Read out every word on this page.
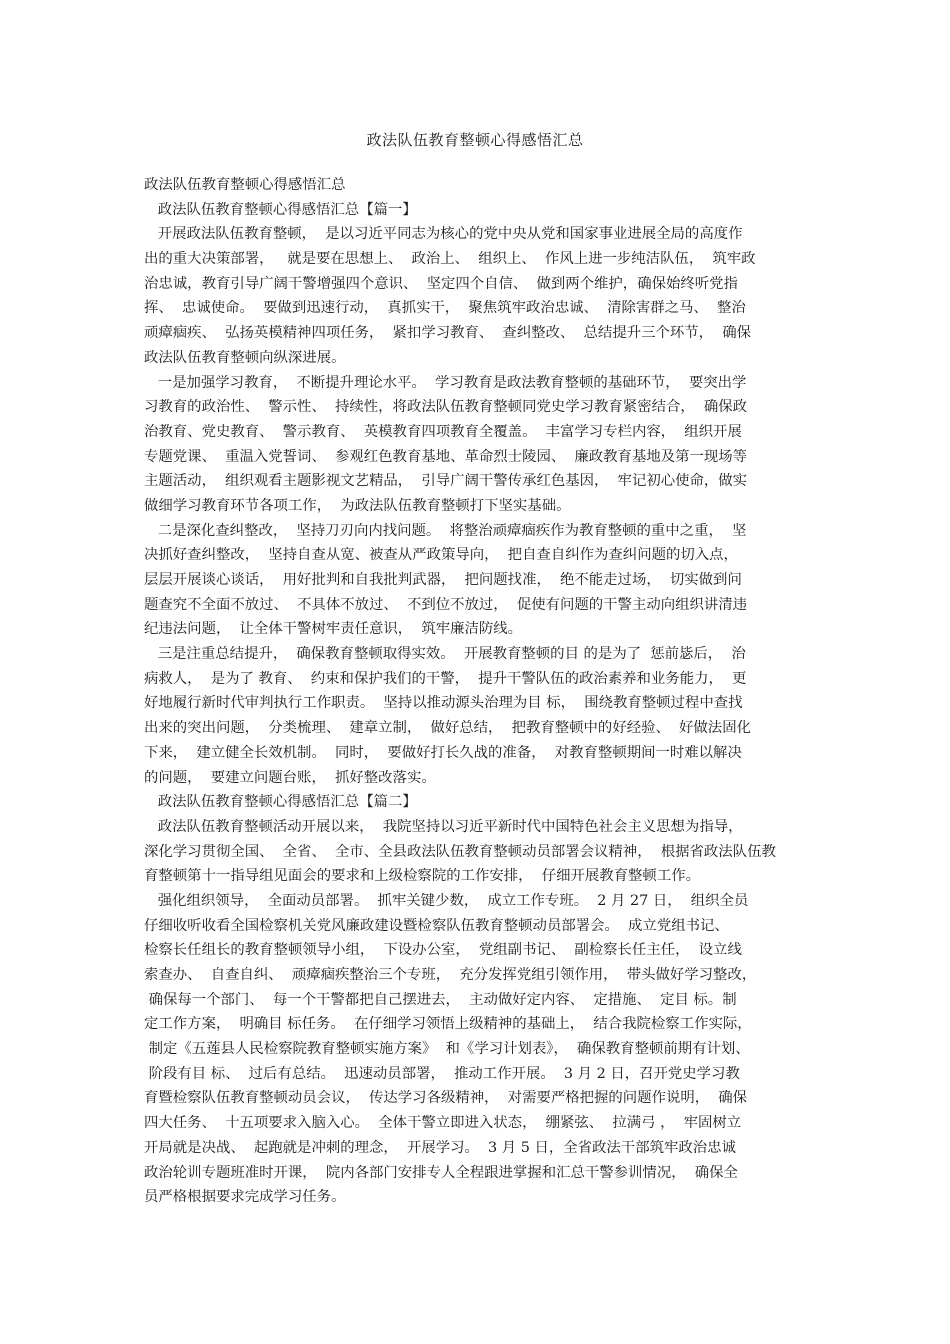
政法队伍教育整顿心得感悟汇总
政法队伍教育整顿心得感悟汇总
政法队伍教育整顿心得感悟汇总【篇一】
开展政法队伍教育整顿，  是以习近平同志为核心的党中央从党和国家事业进展全局的高度作
出的重大决策部署，   就是要在思想上、  政治上、  组织上、  作风上进一步纯洁队伍，  筑牢政
治忠诚，教育引导广阔干警增强四个意识、  坚定四个自信、  做到两个维护，确保始终听党指
挥、  忠诚使命。  要做到迅速行动，  真抓实干，  聚焦筑牢政治忠诚、  清除害群之马、  整治
顽瘴痼疾、  弘扬英模精神四项任务，  紧扣学习教育、  查纠整改、  总结提升三个环节，  确保
政法队伍教育整顿向纵深进展。
一是加强学习教育，  不断提升理论水平。  学习教育是政法教育整顿的基础环节，  要突出学
习教育的政治性、  警示性、  持续性，将政法队伍教育整顿同党史学习教育紧密结合，  确保政
治教育、党史教育、  警示教育、  英模教育四项教育全覆盖。  丰富学习专栏内容，  组织开展
专题党课、  重温入党誓词、  参观红色教育基地、革命烈士陵园、  廉政教育基地及第一现场等
主题活动，  组织观看主题影视文艺精品，  引导广阔干警传承红色基因，  牢记初心使命，做实
做细学习教育环节各项工作，  为政法队伍教育整顿打下坚实基础。
二是深化查纠整改，  坚持刀刃向内找问题。  将整治顽瘴痼疾作为教育整顿的重中之重，  坚
决抓好查纠整改，  坚持自查从宽、被查从严政策导向，  把自查自纠作为查纠问题的切入点，
层层开展谈心谈话，  用好批判和自我批判武器，  把问题找准，  绝不能走过场，  切实做到问
题查究不全面不放过、  不具体不放过、  不到位不放过，  促使有问题的干警主动向组织讲清违
纪违法问题，  让全体干警树牢责任意识，  筑牢廉洁防线。
三是注重总结提升，  确保教育整顿取得实效。  开展教育整顿的目 的是为了  惩前毖后，  治
病救人，  是为了 教育、  约束和保护我们的干警，  提升干警队伍的政治素养和业务能力，  更
好地履行新时代审判执行工作职责。  坚持以推动源头治理为目 标，  围绕教育整顿过程中查找
出来的突出问题，  分类梳理、  建章立制，  做好总结，  把教育整顿中的好经验、  好做法固化
下来，  建立健全长效机制。  同时，  要做好打长久战的准备，  对教育整顿期间一时难以解决
的问题，  要建立问题台账，  抓好整改落实。
政法队伍教育整顿心得感悟汇总【篇二】
政法队伍教育整顿活动开展以来，  我院坚持以习近平新时代中国特色社会主义思想为指导，
深化学习贯彻全国、  全省、  全市、全县政法队伍教育整顿动员部署会议精神，  根据省政法队伍教
育整顿第十一指导组见面会的要求和上级检察院的工作安排，  仔细开展教育整顿工作。
强化组织领导，  全面动员部署。  抓牢关键少数，  成立工作专班。  2 月 27 日，  组织全员
仔细收听收看全国检察机关党风廉政建设暨检察队伍教育整顿动员部署会。  成立党组书记、
检察长任组长的教育整顿领导小组，  下设办公室，  党组副书记、  副检察长任主任，  设立线
索查办、  自查自纠、  顽瘴痼疾整治三个专班，  充分发挥党组引领作用，  带头做好学习整改，
确保每一个部门、  每一个干警都把自己摆进去，  主动做好定内容、  定措施、  定目 标。制
定工作方案，  明确目 标任务。  在仔细学习领悟上级精神的基础上，  结合我院检察工作实际，
制定《五莲县人民检察院教育整顿实施方案》  和《学习计划表》，  确保教育整顿前期有计划、
阶段有目 标、  过后有总结。  迅速动员部署，  推动工作开展。  3 月 2 日，召开党史学习教
育暨检察队伍教育整顿动员会议，  传达学习各级精神，  对需要严格把握的问题作说明，  确保
四大任务、  十五项要求入脑入心。  全体干警立即进入状态，  绷紧弦、  拉满弓 ，  牢固树立
开局就是决战、  起跑就是冲刺的理念，  开展学习。  3 月 5 日，全省政法干部筑牢政治忠诚
政治轮训专题班准时开课，  院内各部门安排专人全程跟进掌握和汇总干警参训情况，  确保全
员严格根据要求完成学习任务。
